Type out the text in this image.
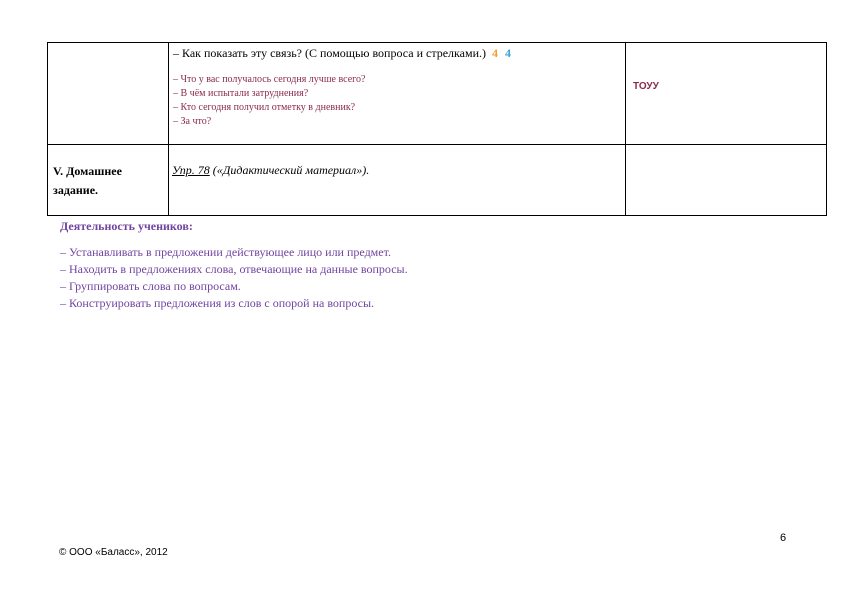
	– Как показать эту связь? (С помощью вопроса и стрелками.) 4 4
– Что у вас получалось сегодня лучше всего?
– В чём испытали затруднения?
– Кто сегодня получил отметку в дневник?
– За что?	ТОУУ

V. Домашнее
задание.	Упр. 78 («Дидактический материал»).	

Деятельность учеников:
– Устанавливать в предложении действующее лицо или предмет.
– Находить в предложениях слова, отвечающие на данные вопросы.
– Группировать слова по вопросам.
– Конструировать предложения из слов с опорой на вопросы.
6
© ООО «Баласс», 2012
